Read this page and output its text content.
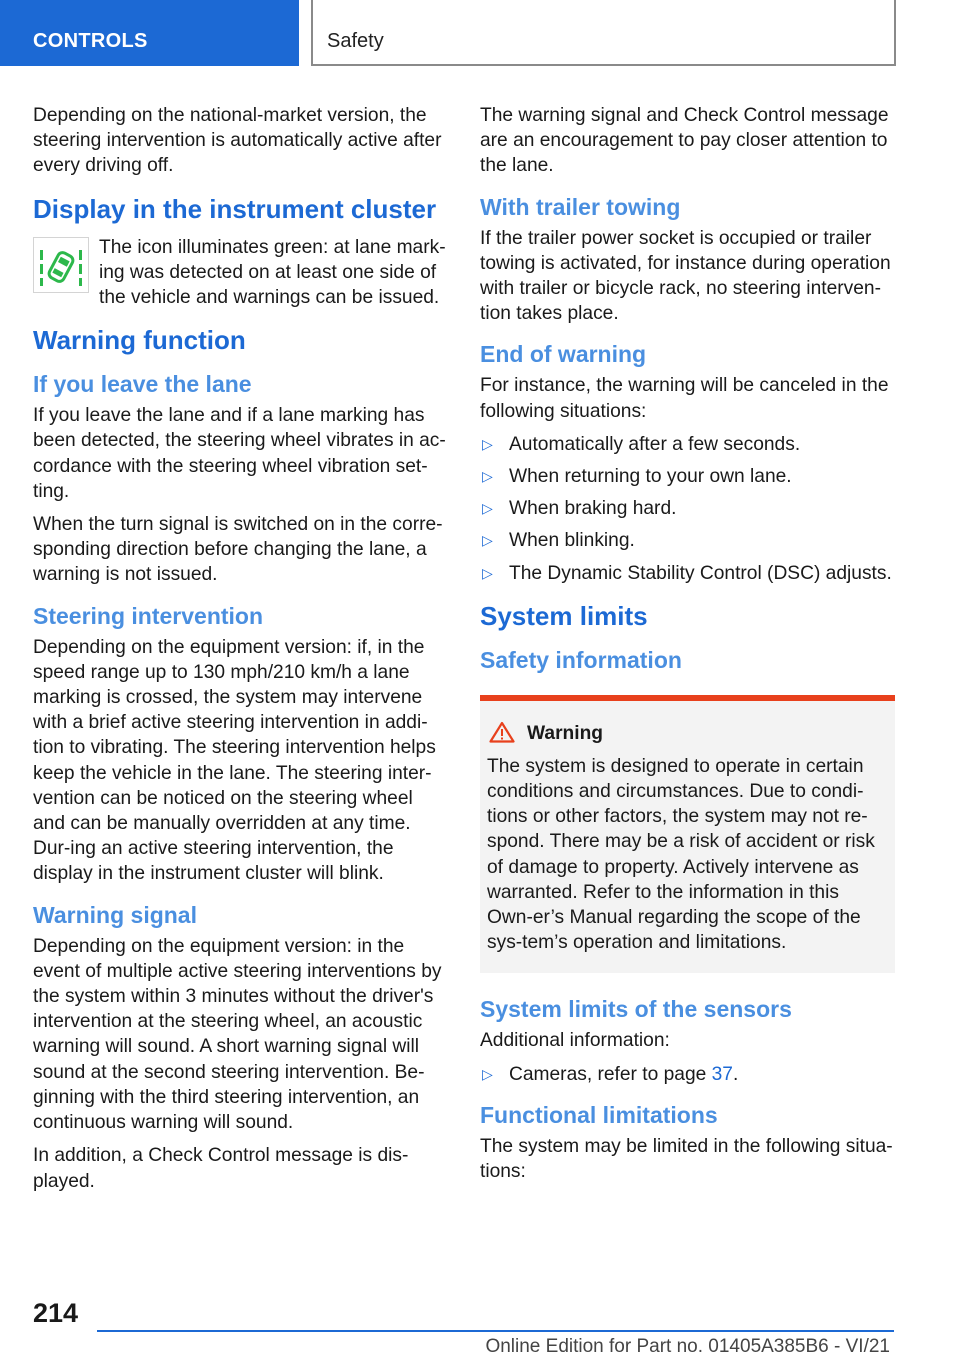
CONTROLS	Safety

Depending on the national-market version, the steering intervention is automatically active after every driving off.

Display in the instrument cluster

The icon illuminates green: at lane mark-ing was detected on at least one side of the vehicle and warnings can be issued.

Warning function
If you leave the lane

If you leave the lane and if a lane marking has been detected, the steering wheel vibrates in ac-cordance with the steering wheel vibration set-ting.

When the turn signal is switched on in the corre-sponding direction before changing the lane, a warning is not issued.

Steering intervention

Depending on the equipment version: if, in the speed range up to 130 mph/210 km/h a lane marking is crossed, the system may intervene with a brief active steering intervention in addi-tion to vibrating. The steering intervention helps keep the vehicle in the lane. The steering inter-vention can be noticed on the steering wheel and can be manually overridden at any time. Dur-ing an active steering intervention, the display in the instrument cluster will blink.

Warning signal

Depending on the equipment version: in the event of multiple active steering interventions by the system within 3 minutes without the driver's intervention at the steering wheel, an acoustic warning will sound. A short warning signal will sound at the second steering intervention. Be-ginning with the third steering intervention, an continuous warning will sound.

In addition, a Check Control message is dis-played.

The warning signal and Check Control message are an encouragement to pay closer attention to the lane.

With trailer towing

If the trailer power socket is occupied or trailer towing is activated, for instance during operation with trailer or bicycle rack, no steering interven-tion takes place.

End of warning

For instance, the warning will be canceled in the following situations:

▷ Automatically after a few seconds.
▷ When returning to your own lane.
▷ When braking hard.
▷ When blinking.
▷ The Dynamic Stability Control (DSC) adjusts.
System limits
Safety information
Warning

The system is designed to operate in certain conditions and circumstances. Due to condi-tions or other factors, the system may not re-spond. There may be a risk of accident or risk of damage to property. Actively intervene as warranted. Refer to the information in this Own-er’s Manual regarding the scope of the sys-tem’s operation and limitations.

System limits of the sensors

Additional information:

▷ Cameras, refer to page 37.
Functional limitations

The system may be limited in the following situa-tions:

214
Online Edition for Part no. 01405A385B6 - VI/21
